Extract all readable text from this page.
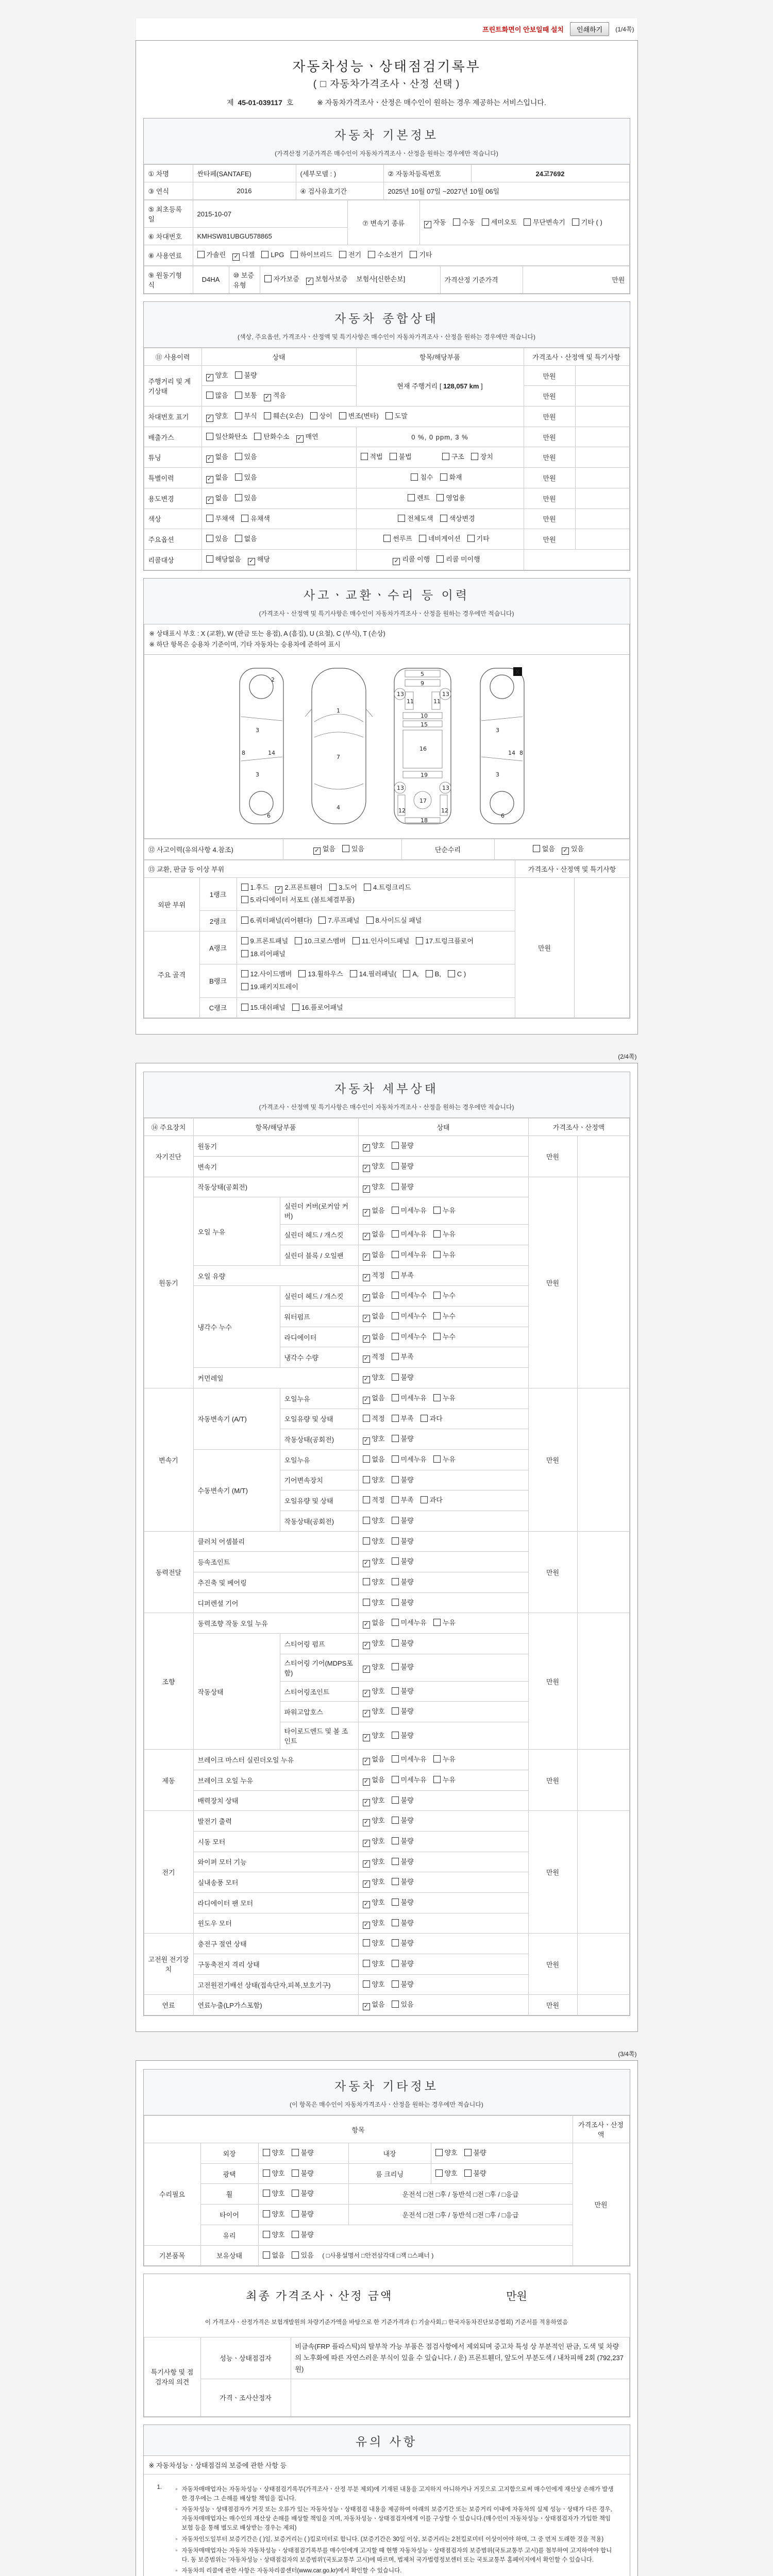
프린트화면이 안보일때 설치	인쇄하기	(1/4쪽)
자동차성능ㆍ상태점검기록부
( □ 자동차가격조사ㆍ산정 선택 )
제 45-01-039117 호	※ 자동차가격조사ㆍ산정은 매수인이 원하는 경우 제공하는 서비스입니다.
자동차 기본정보
(가격산정 기준가격은 매수인이 자동차가격조사ㆍ산정을 원하는 경우에만 적습니다)
① 차명	싼타페(SANTAFE)	(세부모델 : )	② 자동차등록번호	24고7692
③ 연식	2016	④ 검사유효기간	2025년 10월 07일 ~2027년 10월 06일	
⑤ 최초등록일	2015-10-07	⑦ 변속기 종류	✓ 자동 수동 세미오토 무단변속기 기타 ( )
⑥ 차대번호	KMHSW81UBGU578865		
⑧ 사용연료	가솔린 ✓ 디젤 LPG 하이브리드 전기 수소전기 기타		
⑨ 원동기형식	D4HA	⑩ 보증유형	자가보증 ✓ 보험사보증 보험사[신한손보]	가격산정 기준가격	만원
자동차 종합상태
(색상, 주요옵션, 가격조사ㆍ산정액 및 특기사항은 매수인이 자동차가격조사ㆍ산정을 원하는 경우에만 적습니다)
⑪ 사용이력	상태	항목/해당부품	가격조사ㆍ산정액 및 특기사항	
주행거리 및 계기상태	✓ 양호 불량	현재 주행거리 [ 128,057 km ]	만원	
	많음 보통 ✓ 적음		만원	
차대번호 표기	✓ 양호 부식 훼손(오손) 상이 변조(변타) 도말		만원	
배출가스	일산화탄소 탄화수소 ✓ 매연	0 %, 0 ppm, 3 %	만원	
튜닝	✓ 없음 있음	적법 불법 구조 장치	만원	
특별이력	✓ 없음 있음	침수 화재	만원	
용도변경	✓ 없음 있음	렌트 영업용	만원	
색상	무채색 유채색	전체도색 색상변경	만원	
주요옵션	있음 없음	썬루프 네비게이션 기타	만원	
리콜대상	해당없음 ✓ 해당	✓ 리콜 이행 리콜 미이행		
사고ㆍ교환ㆍ수리 등 이력
(가격조사ㆍ산정액 및 특기사항은 매수인이 자동차가격조사ㆍ산정을 원하는 경우에만 적습니다)
※ 상태표시 부호 : X (교환), W (판금 또는 용접), A (흠집), U (요철), C (부식), T (손상)
※ 하단 항목은 승용차 기준이며, 기타 자동차는 승용차에 준하여 표시
2
3
14
3
6
8
1
7
4
5
9
11	11
10
15
16
19
13	13
17
12	12
18
13	13
3
14
3
6
8
X
⑫ 사고이력(유의사항 4.참조)	✓ 없음 있음	단순수리	없음 ✓ 있음
⑬ 교환, 판금 등 이상 부위			가격조사ㆍ산정액 및 특기사항	
외판 부위	1랭크	1.후드 ✓ 2.프론트휀더 3.도어 4.트렁크리드5.라디에이터 서포트 (볼트체결부품)	만원	
	2랭크	6.쿼터패널(리어휀다) 7.루프패널 8.사이드실 패널		
주요 골격	A랭크	9.프론트패널 10.크로스멤버 11.인사이드패널 17.트렁크플로어18.리어패널		
	B랭크	12.사이드멤버 13.휠하우스 14.필러패널( A, B, C )19.패키지트레이		
	C랭크	15.대쉬패널 16.플로어패널		
(2/4쪽)
자동차 세부상태
(가격조사ㆍ산정액 및 특기사항은 매수인이 자동차가격조사ㆍ산정을 원하는 경우에만 적습니다)
⑭ 주요장치	항목/해당부품		상태	가격조사ㆍ산정액	
자기진단	원동기		✓ 양호 불량	만원	
	변속기		✓ 양호 불량		
원동기	작동상태(공회전)		✓ 양호 불량	만원	
	오일 누유	실린더 커버(로커암 커버)	✓ 없음 미세누유 누유		
		실린더 헤드 / 개스킷	✓ 없음 미세누유 누유		
		실린더 블록 / 오일팬	✓ 없음 미세누유 누유		
	오일 유량		✓ 적정 부족		
	냉각수 누수	실린더 헤드 / 개스킷	✓ 없음 미세누수 누수		
		워터펌프	✓ 없음 미세누수 누수		
		라디에이터	✓ 없음 미세누수 누수		
		냉각수 수량	✓ 적정 부족		
	커먼레일		✓ 양호 불량		
변속기	자동변속기 (A/T)	오일누유	✓ 없음 미세누유 누유	만원	
		오일유량 및 상태	적정 부족 과다		
		작동상태(공회전)	✓ 양호 불량		
	수동변속기 (M/T)	오일누유	없음 미세누유 누유		
		기어변속장치	양호 불량		
		오일유량 및 상태	적정 부족 과다		
		작동상태(공회전)	양호 불량		
동력전달	클러치 어셈블리		양호 불량	만원	
	등속조인트		✓ 양호 불량		
	추진축 및 베어링		양호 불량		
	디퍼렌셜 기어		양호 불량		
조향	동력조향 작동 오일 누유		✓ 없음 미세누유 누유	만원	
	작동상태	스티어링 펌프	✓ 양호 불량		
		스티어링 기어(MDPS포함)	✓ 양호 불량		
		스티어링조인트	✓ 양호 불량		
		파워고압호스	✓ 양호 불량		
		타이로드엔드 및 볼 조인트	✓ 양호 불량		
제동	브레이크 마스터 실린더오일 누유		✓ 없음 미세누유 누유	만원	
	브레이크 오일 누유		✓ 없음 미세누유 누유		
	배력장치 상태		✓ 양호 불량		
전기	발전기 출력		✓ 양호 불량	만원	
	시동 모터		✓ 양호 불량		
	와이퍼 모터 기능		✓ 양호 불량		
	실내송풍 모터		✓ 양호 불량		
	라디에이터 팬 모터		✓ 양호 불량		
	윈도우 모터		✓ 양호 불량		
고전원 전기장치	충전구 절연 상태		양호 불량	만원	
	구동축전지 격리 상태		양호 불량		
	고전원전기배선 상태(접속단자,피복,보호기구)		양호 불량		
연료	연료누출(LP가스포함)		✓ 없음 있음	만원	
(3/4쪽)
자동차 기타정보
(이 항목은 매수인이 자동차가격조사ㆍ산정을 원하는 경우에만 적습니다)
항목					가격조사ㆍ산정액
수리필요	외장	양호 불량	내장	양호 불량	만원
	광택	양호 불량	룸 크리닝	양호 불량	
	휠	양호 불량	운전석 □전 □후 / 동반석 □전 □후 / □응급		
	타이어	양호 불량	운전석 □전 □후 / 동반석 □전 □후 / □응급		
	유리	양호 불량			
기본품목	보유상태	없음 있음 ( □사용설명서 □안전삼각대 □잭 □스패너 )			
최종 가격조사ㆍ산정 금액	만원
이 가격조사ㆍ산정가격은 보험개발원의 차량기준가액을 바탕으로 한 기준가격과 (□ 기술사회,□ 한국자동차진단보증협회) 기준서를 적용하였음
특기사항 및 점검자의 의견	성능ㆍ상태점검자	비금속(FRP 플라스틱)의 탈부착 가능 부품은 점검사항에서 제외되며 중고차 특성 상 부분적인 판금, 도색 및 차량의 노후화에 따른 자연스러운 부식이 있을 수 있습니다. / 운) 프론트휀더, 앞도어 부분도색 / 내차피해 2회 (792,237원)
	가격ㆍ조사산정자	
유의 사항
※ 자동차성능ㆍ상태점검의 보증에 관한 사항 등
1.	▫ 자동차매매업자는 자동차성능ㆍ상태점검기록부(가격조사ㆍ산정 부분 제외)에 기재된 내용을 고지하지 아니하거나 거짓으로 고지함으로써 매수인에게 재산상 손해가 발생한 경우에는 그 손해를 배상할 책임을 집니다.
▫ 자동차성능ㆍ상태점검자가 거짓 또는 오류가 있는 자동차성능ㆍ상태점검 내용을 제공하여 아래의 보증기간 또는 보증거리 이내에 자동차의 실제 성능ㆍ상태가 다른 경우, 자동차매매업자는 매수인의 재산상 손해를 배상할 책임을 지며, 자동차성능ㆍ상태점검자에게 이를 구상할 수 있습니다.(매수인이 자동차성능ㆍ상태점검자가 가입한 책임보험 등을 통해 별도로 배상받는 경우는 제외)
▫ 자동차인도일부터 보증기간은 ( )일, 보증거리는 ( )킬로미터로 합니다. (보증기간은 30일 이상, 보증거리는 2천킬로미터 이상이어야 하며, 그 중 먼저 도래한 것을 적용)
▫ 자동차매매업자는 자동차 자동차성능ㆍ상태점검기록부를 매수인에게 고지할 때 현행 자동차성능ㆍ상태점검자의 보증범위(국토교통부 고시)를 첨부하여 고지하여야 합니다. 동 보증범위는 '자동차성능ㆍ상태점검자의 보증범위'(국토교통부 고시)에 따르며, 법제처 국가법령정보센터 또는 국토교통부 홈페이지에서 확인할 수 있습니다.
▫ 자동차의 리콜에 관한 사항은 자동차리콜센터(www.car.go.kr)에서 확인할 수 있습니다.
